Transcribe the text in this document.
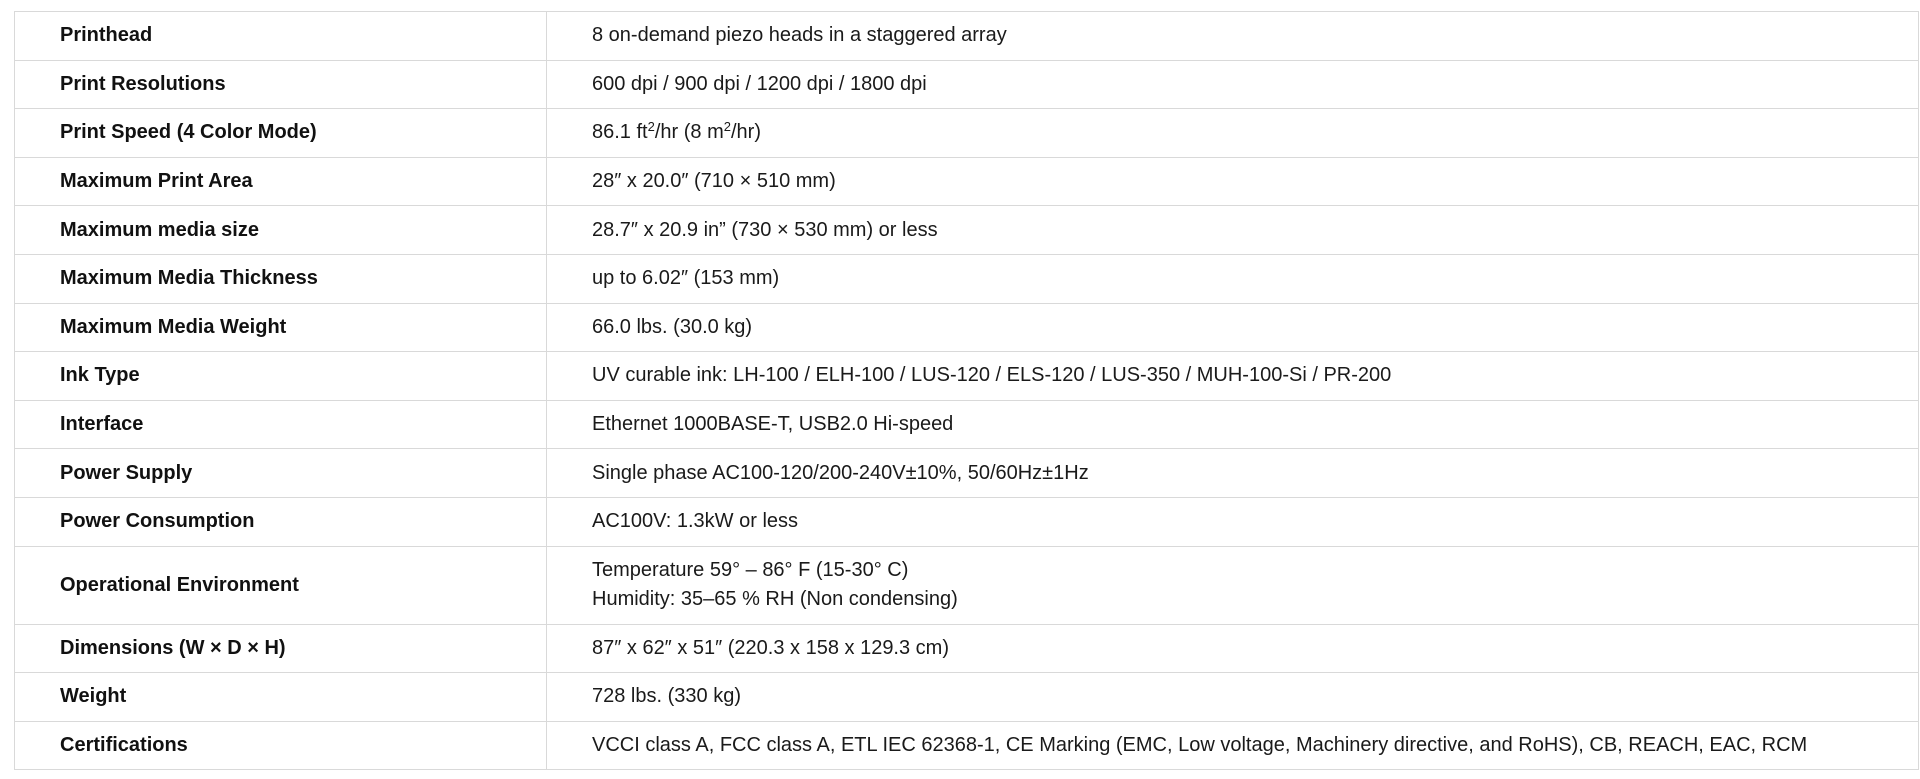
Printhead	8 on-demand piezo heads in a staggered array
Print Resolutions	600 dpi / 900 dpi / 1200 dpi / 1800 dpi
Print Speed (4 Color Mode)	86.1 $ft^2/hr$ (8 $m^2/hr$)
Maximum Print Area	28″ x 20.0″ (710 × 510 mm)
Maximum media size	28.7″ x 20.9 in” (730 × 530 mm) or less
Maximum Media Thickness	up to 6.02″ (153 mm)
Maximum Media Weight	66.0 lbs. (30.0 kg)
Ink Type	UV curable ink: LH-100 / ELH-100 / LUS-120 / ELS-120 / LUS-350 / MUH-100-Si / PR-200
Interface	Ethernet 1000BASE-T, USB2.0 Hi-speed
Power Supply	Single phase AC100-120/200-240V±10%, 50/60Hz±1Hz
Power Consumption	AC100V: 1.3kW or less
Operational Environment	Temperature 59° – 86° F (15-30° C)
Humidity: 35–65 % RH (Non condensing)

Dimensions (W × D × H)	87″ x 62″ x 51″ (220.3 x 158 x 129.3 cm)
Weight	728 lbs. (330 kg)
Certifications	VCCI class A, FCC class A, ETL IEC 62368-1, CE Marking (EMC, Low voltage, Machinery directive, and RoHS), CB, REACH, EAC, RCM
